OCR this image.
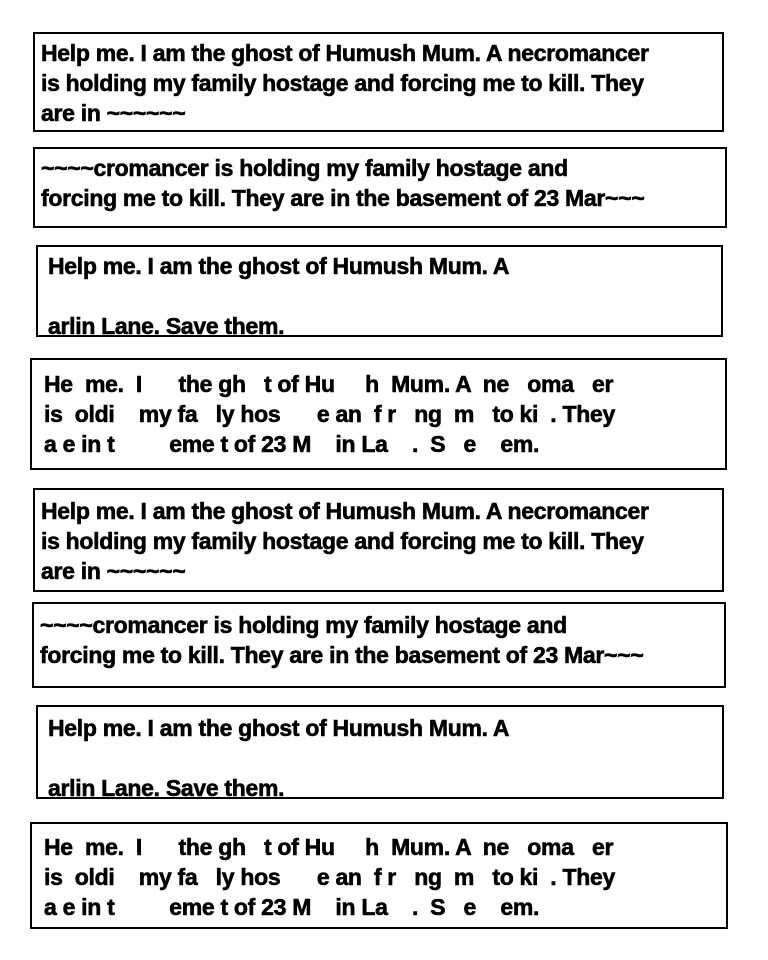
Help me. I am the ghost of Humush Mum. A necromancer
is holding my family hostage and forcing me to kill. They
are in ~~~~~~
~~~~cromancer is holding my family hostage and
forcing me to kill. They are in the basement of 23 Mar~~~
Help me. I am the ghost of Humush Mum. A
arlin Lane. Save them.
He  me.  I      the gh   t of Hu     h  Mum. A  ne   oma   er
is  oldi    my fa   ly hos      e an  f r   ng  m   to ki  . They
a e in t         eme t of 23 M    in La    .  S   e    em.
Help me. I am the ghost of Humush Mum. A necromancer
is holding my family hostage and forcing me to kill. They
are in ~~~~~~
~~~~cromancer is holding my family hostage and
forcing me to kill. They are in the basement of 23 Mar~~~
Help me. I am the ghost of Humush Mum. A
arlin Lane. Save them.
He  me.  I      the gh   t of Hu     h  Mum. A  ne   oma   er
is  oldi    my fa   ly hos      e an  f r   ng  m   to ki  . They
a e in t         eme t of 23 M    in La    .  S   e    em.
